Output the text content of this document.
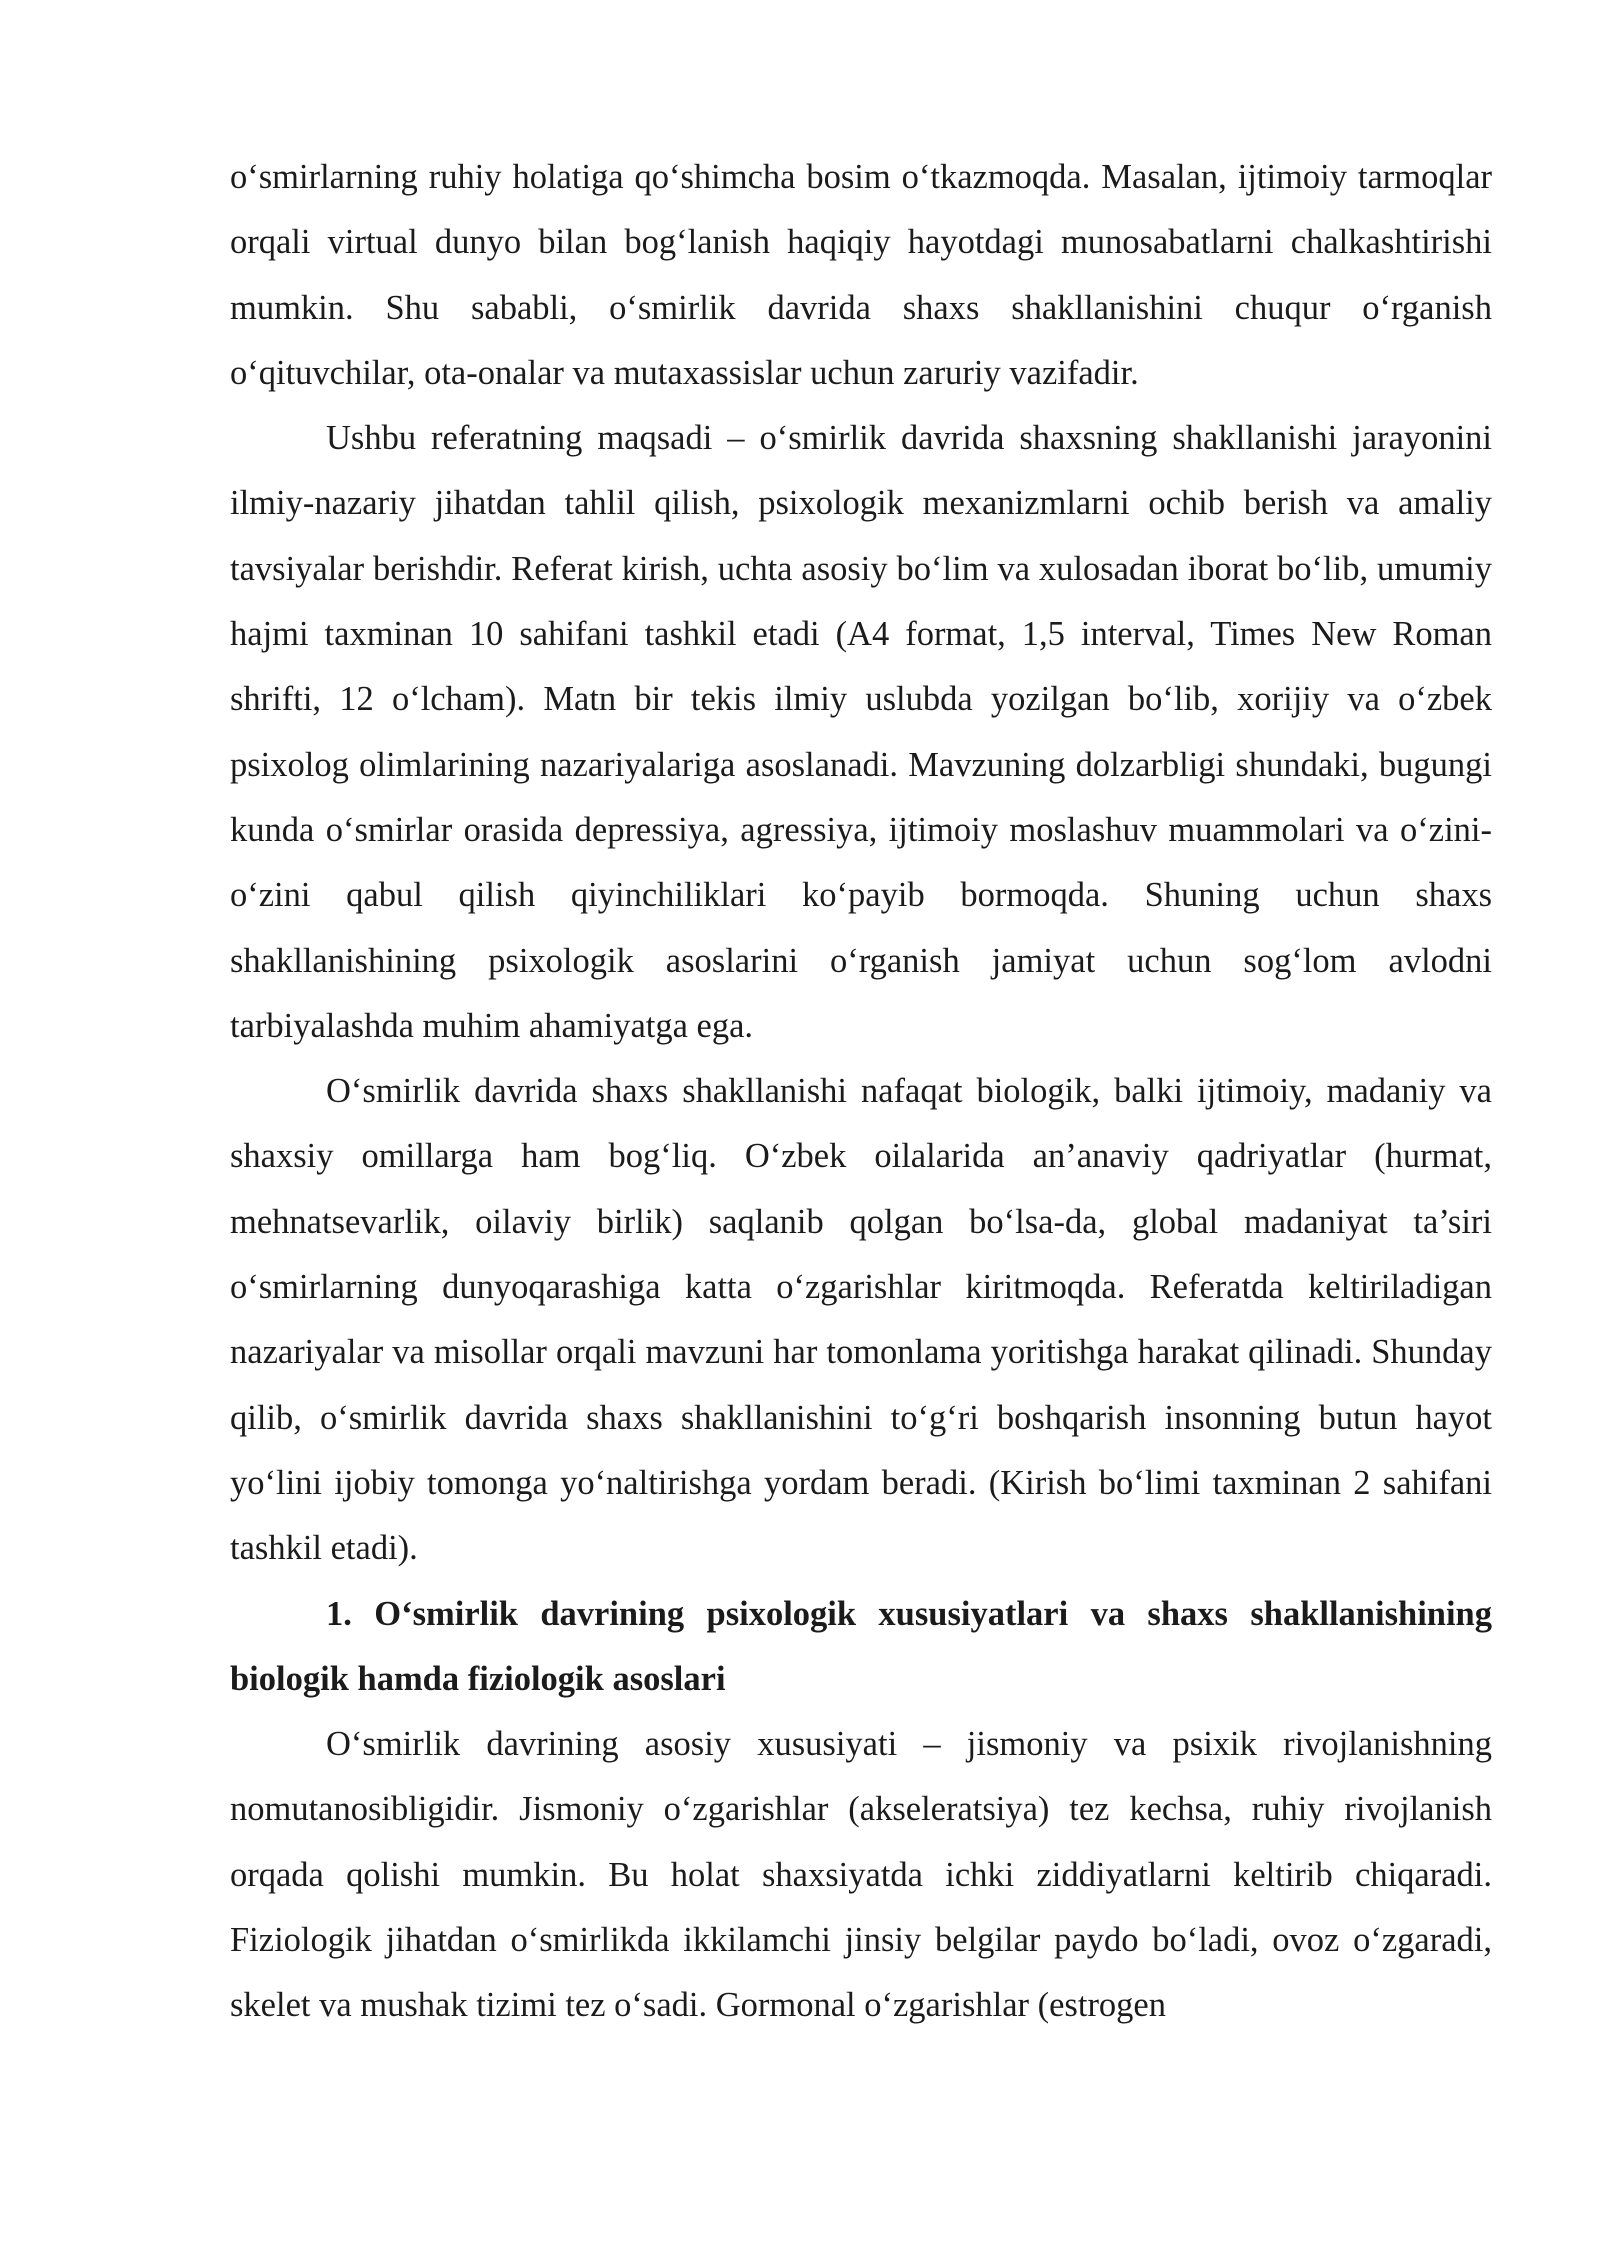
o‘smirlarning ruhiy holatiga qo‘shimcha bosim o‘tkazmoqda. Masalan, ijtimoiy tarmoqlar orqali virtual dunyo bilan bog‘lanish haqiqiy hayotdagi munosabatlarni chalkashtirishi mumkin. Shu sababli, o‘smirlik davrida shaxs shakllanishini chuqur o‘rganish o‘qituvchilar, ota-onalar va mutaxassislar uchun zaruriy vazifadir.

Ushbu referatning maqsadi – o‘smirlik davrida shaxsning shakllanishi jarayonini ilmiy-nazariy jihatdan tahlil qilish, psixologik mexanizmlarni ochib berish va amaliy tavsiyalar berishdir. Referat kirish, uchta asosiy bo‘lim va xulosadan iborat bo‘lib, umumiy hajmi taxminan 10 sahifani tashkil etadi (A4 format, 1,5 interval, Times New Roman shrifti, 12 o‘lcham). Matn bir tekis ilmiy uslubda yozilgan bo‘lib, xorijiy va o‘zbek psixolog olimlarining nazariyalariga asoslanadi. Mavzuning dolzarbligi shundaki, bugungi kunda o‘smirlar orasida depressiya, agressiya, ijtimoiy moslashuv muammolari va o‘zini-o‘zini qabul qilish qiyinchiliklari ko‘payib bormoqda. Shuning uchun shaxs shakllanishining psixologik asoslarini o‘rganish jamiyat uchun sog‘lom avlodni tarbiyalashda muhim ahamiyatga ega.

O‘smirlik davrida shaxs shakllanishi nafaqat biologik, balki ijtimoiy, madaniy va shaxsiy omillarga ham bog‘liq. O‘zbek oilalarida an’anaviy qadriyatlar (hurmat, mehnatsevarlik, oilaviy birlik) saqlanib qolgan bo‘lsa-da, global madaniyat ta’siri o‘smirlarning dunyoqarashiga katta o‘zgarishlar kiritmoqda. Referatda keltiriladigan nazariyalar va misollar orqali mavzuni har tomonlama yoritishga harakat qilinadi. Shunday qilib, o‘smirlik davrida shaxs shakllanishini to‘g‘ri boshqarish insonning butun hayot yo‘lini ijobiy tomonga yo‘naltirishga yordam beradi. (Kirish bo‘limi taxminan 2 sahifani tashkil etadi).

1. O‘smirlik davrining psixologik xususiyatlari va shaxs shakllanishining biologik hamda fiziologik asoslari

O‘smirlik davrining asosiy xususiyati – jismoniy va psixik rivojlanishning nomutanosibligidir. Jismoniy o‘zgarishlar (akseleratsiya) tez kechsa, ruhiy rivojlanish orqada qolishi mumkin. Bu holat shaxsiyatda ichki ziddiyatlarni keltirib chiqaradi. Fiziologik jihatdan o‘smirlikda ikkilamchi jinsiy belgilar paydo bo‘ladi, ovoz o‘zgaradi, skelet va mushak tizimi tez o‘sadi. Gormonal o‘zgarishlar (estrogen
